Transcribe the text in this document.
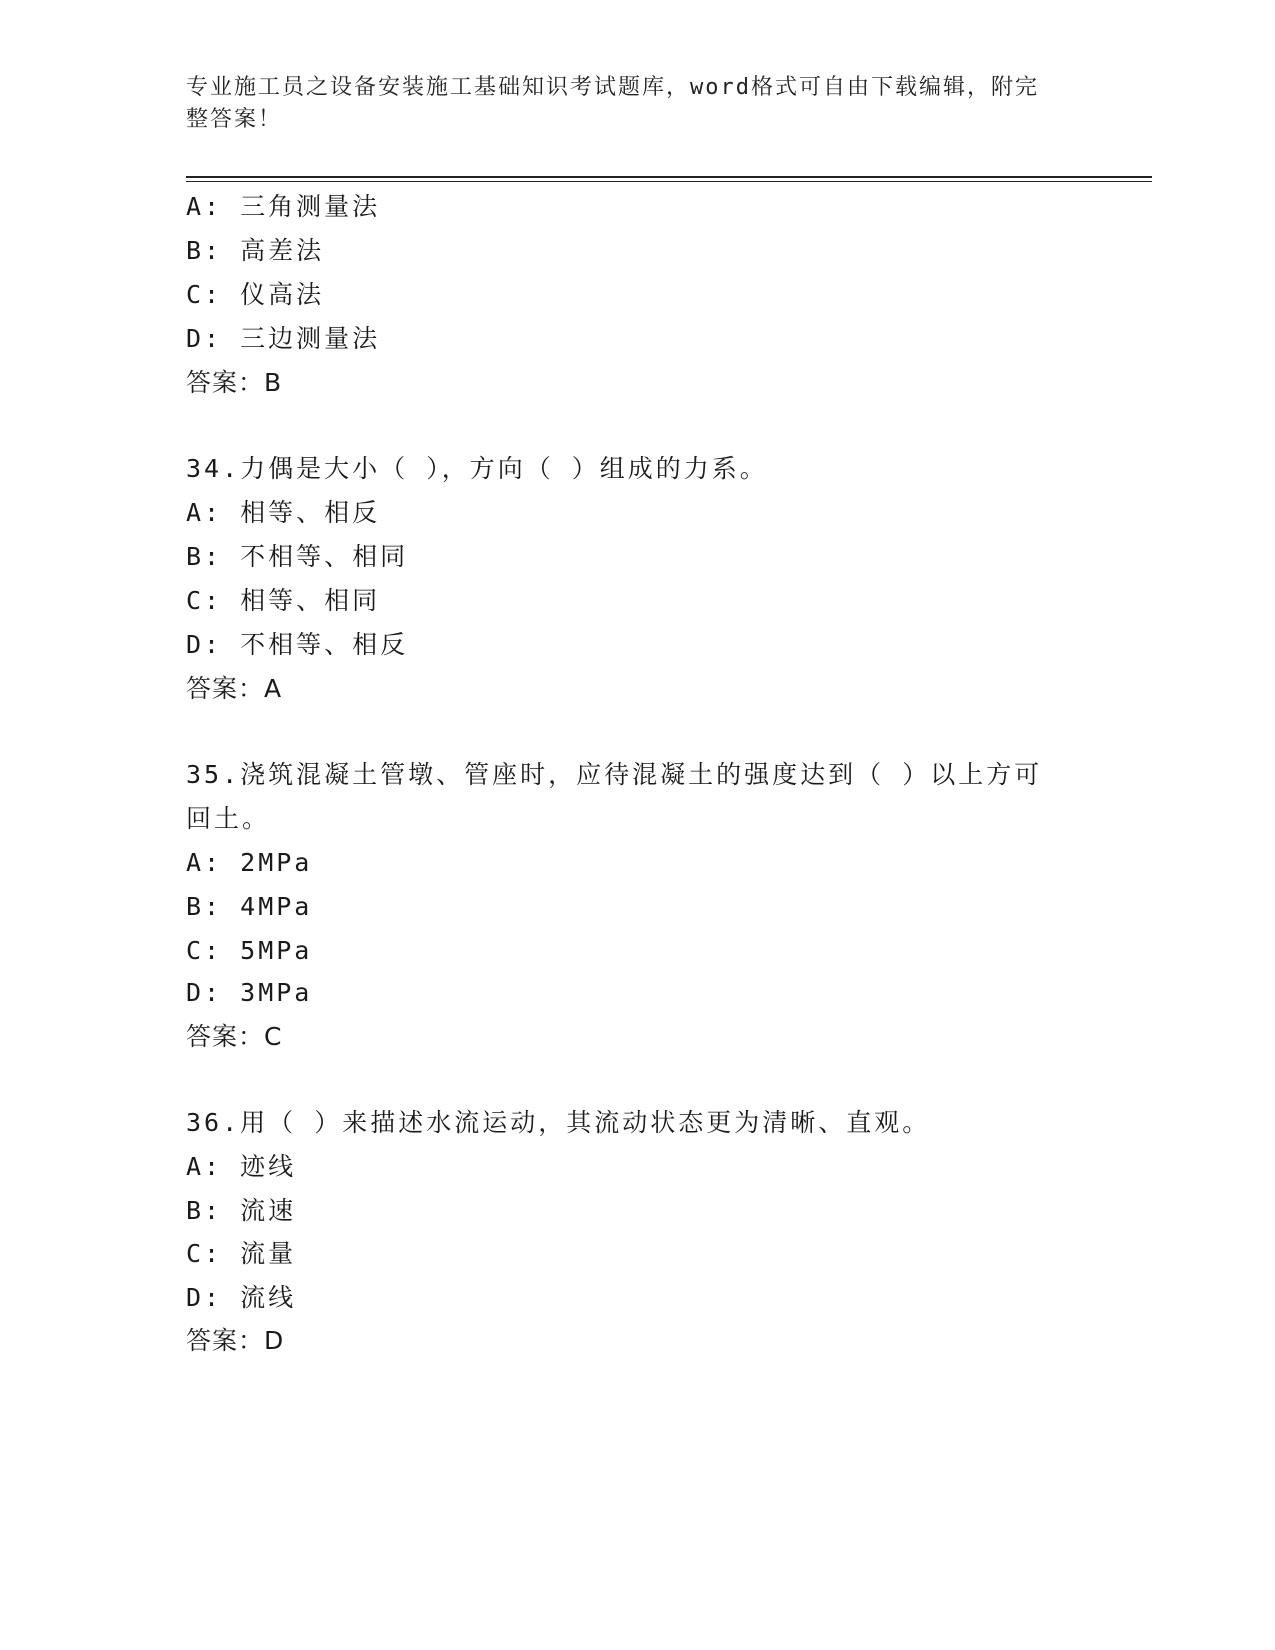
专业施工员之设备安装施工基础知识考试题库，word格式可自由下载编辑，附完
整答案！
A: 三角测量法
B: 高差法
C: 仪高法
D: 三边测量法
答案：B
34.力偶是大小（ ），方向（ ）组成的力系。
A: 相等、相反
B: 不相等、相同
C: 相等、相同
D: 不相等、相反
答案：A
35.浇筑混凝土管墩、管座时，应待混凝土的强度达到（ ）以上方可
回土。
A: 2MPa
B: 4MPa
C: 5MPa
D: 3MPa
答案：C
36.用（ ）来描述水流运动，其流动状态更为清晰、直观。
A: 迹线
B: 流速
C: 流量
D: 流线
答案：D
